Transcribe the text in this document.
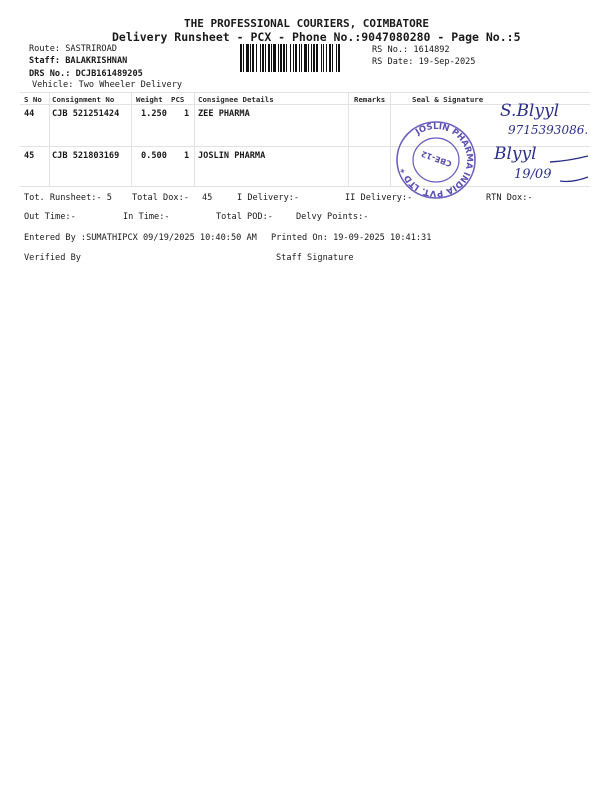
THE PROFESSIONAL COURIERS, COIMBATORE
Delivery Runsheet - PCX - Phone No.:9047080280 - Page No.:5
Route: SASTRIROAD
Staff: BALAKRISHNAN
DRS No.: DCJB161489205
Vehicle: Two Wheeler Delivery
RS No.: 1614892
RS Date: 19-Sep-2025
S No Consignment No	Weight PCS Consignee Details	Remarks	Seal & Signature
44 CJB 521251424	1.250 1 ZEE PHARMA
45 CJB 521803169	0.500 1 JOSLIN PHARMA
JOSLIN PHARMA INDIA PVT. LTD *
CBE-12
S.Blyyl
9715393086.
Blyyl
19/09
Tot. Runsheet:- 5 Total Dox:- 45	I Delivery:-	II Delivery:-	RTN Dox:-
Out Time:-	In Time:-	Total POD:-	Delvy Points:-
Entered By :SUMATHIPCX 09/19/2025 10:40:50 AM Printed On: 19-09-2025 10:41:31
Verified By	Staff Signature
